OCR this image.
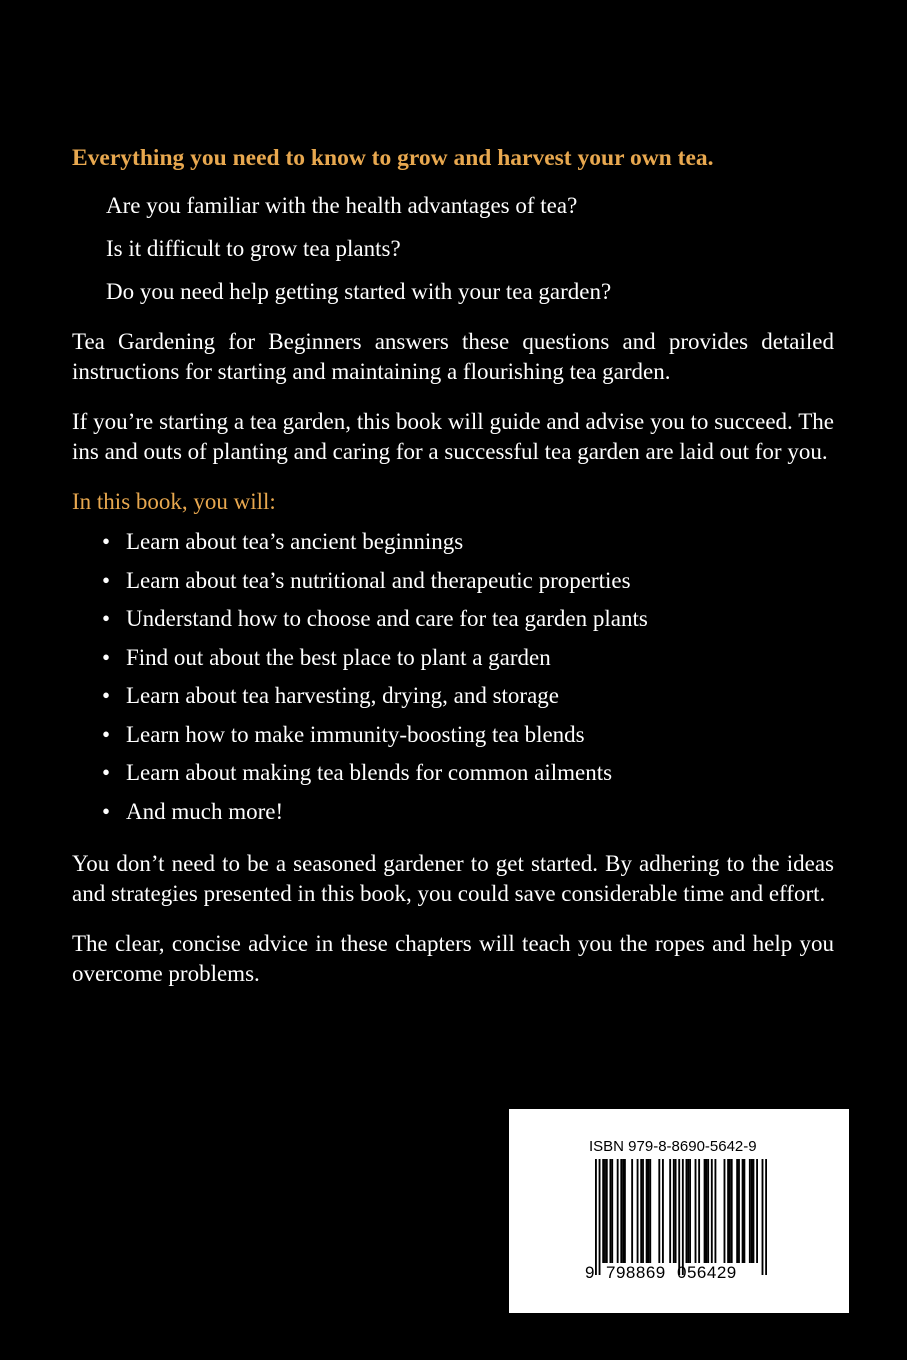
Everything you need to know to grow and harvest your own tea.
Are you familiar with the health advantages of tea?
Is it difficult to grow tea plants?
Do you need help getting started with your tea garden?

Tea Gardening for Beginners answers these questions and provides detailed instructions for starting and maintaining a flourishing tea garden.

If you’re starting a tea garden, this book will guide and advise you to succeed. The ins and outs of planting and caring for a successful tea garden are laid out for you.

In this book, you will:
• Learn about tea’s ancient beginnings
• Learn about tea’s nutritional and therapeutic properties
• Understand how to choose and care for tea garden plants
• Find out about the best place to plant a garden
• Learn about tea harvesting, drying, and storage
• Learn how to make immunity-boosting tea blends
• Learn about making tea blends for common ailments
• And much more!

You don’t need to be a seasoned gardener to get started. By adhering to the ideas and strategies presented in this book, you could save considerable time and effort.

The clear, concise advice in these chapters will teach you the ropes and help you overcome problems.

ISBN 979-8-8690-5642-9
9 798869 056429
